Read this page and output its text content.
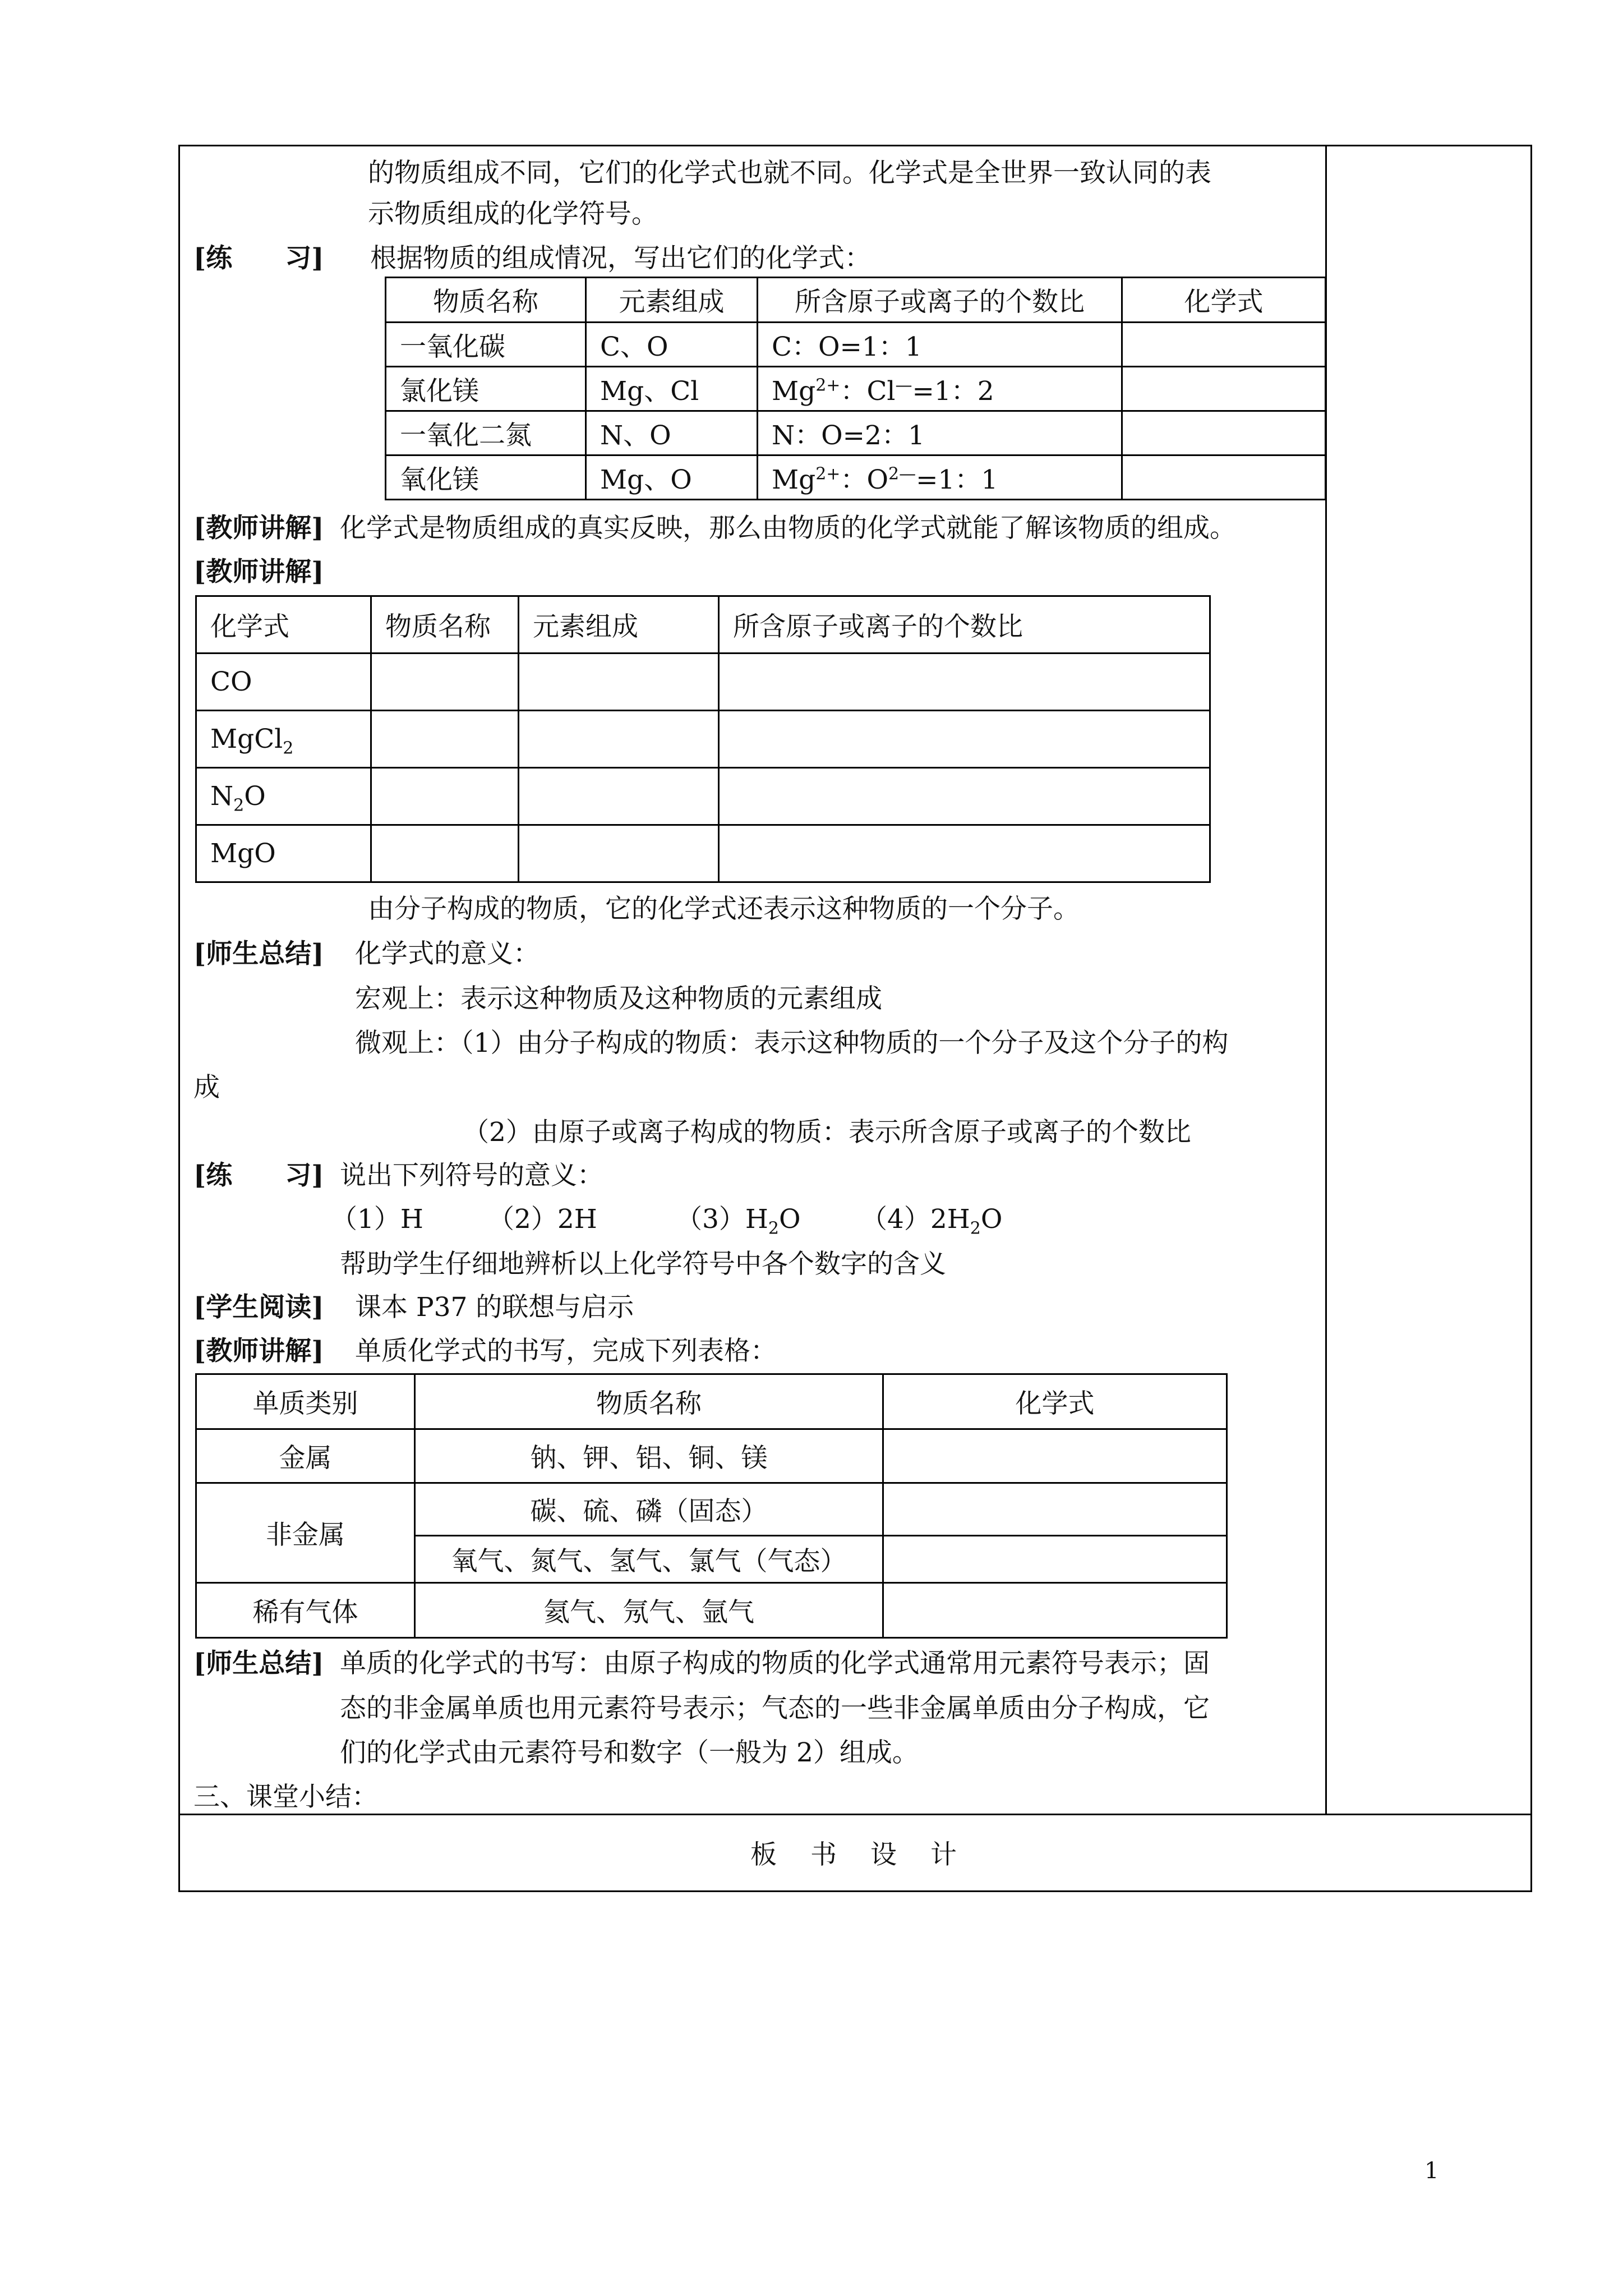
的物质组成不同，它们的化学式也就不同。化学式是全世界一致认同的表
示物质组成的化学符号。
[练　　习] 根据物质的组成情况，写出它们的化学式：
物质名称	元素组成	所含原子或离子的个数比	化学式
一氧化碳	C、O	C：O=1：1	
氯化镁	Mg、Cl	$Mg^{2+}$：Cl—=1：2	
一氧化二氮	N、O	N：O=2：1	
氧化镁	Mg、O	$Mg^{2+}$：$O^{2—}=1$：1	
[教师讲解] 化学式是物质组成的真实反映，那么由物质的化学式就能了解该物质的组成。
[教师讲解]
化学式	物质名称	元素组成	所含原子或离子的个数比
CO			
MgCl$_2$			
$N_2O$			
MgO			
由分子构成的物质，它的化学式还表示这种物质的一个分子。
[师生总结] 化学式的意义：
宏观上：表示这种物质及这种物质的元素组成
微观上：（1）由分子构成的物质：表示这种物质的一个分子及这个分子的构
成
（2）由原子或离子构成的物质：表示所含原子或离子的个数比
[练　　习] 说出下列符号的意义：
（1）H （2）2H	$(3)H_2O$ $(4)2H_2O$
帮助学生仔细地辨析以上化学符号中各个数字的含义
[学生阅读] 课本 P37 的联想与启示
[教师讲解] 单质化学式的书写，完成下列表格：
单质类别	物质名称	化学式
金属	钠、钾、铝、铜、镁	
非金属	碳、硫、磷（固态）	
	氧气、氮气、氢气、氯气（气态）	
稀有气体	氦气、氖气、氩气	
[师生总结] 单质的化学式的书写：由原子构成的物质的化学式通常用元素符号表示；固
态的非金属单质也用元素符号表示；气态的一些非金属单质由分子构成，它
们的化学式由元素符号和数字（一般为 2）组成。
三、课堂小结：
板书设计
1
